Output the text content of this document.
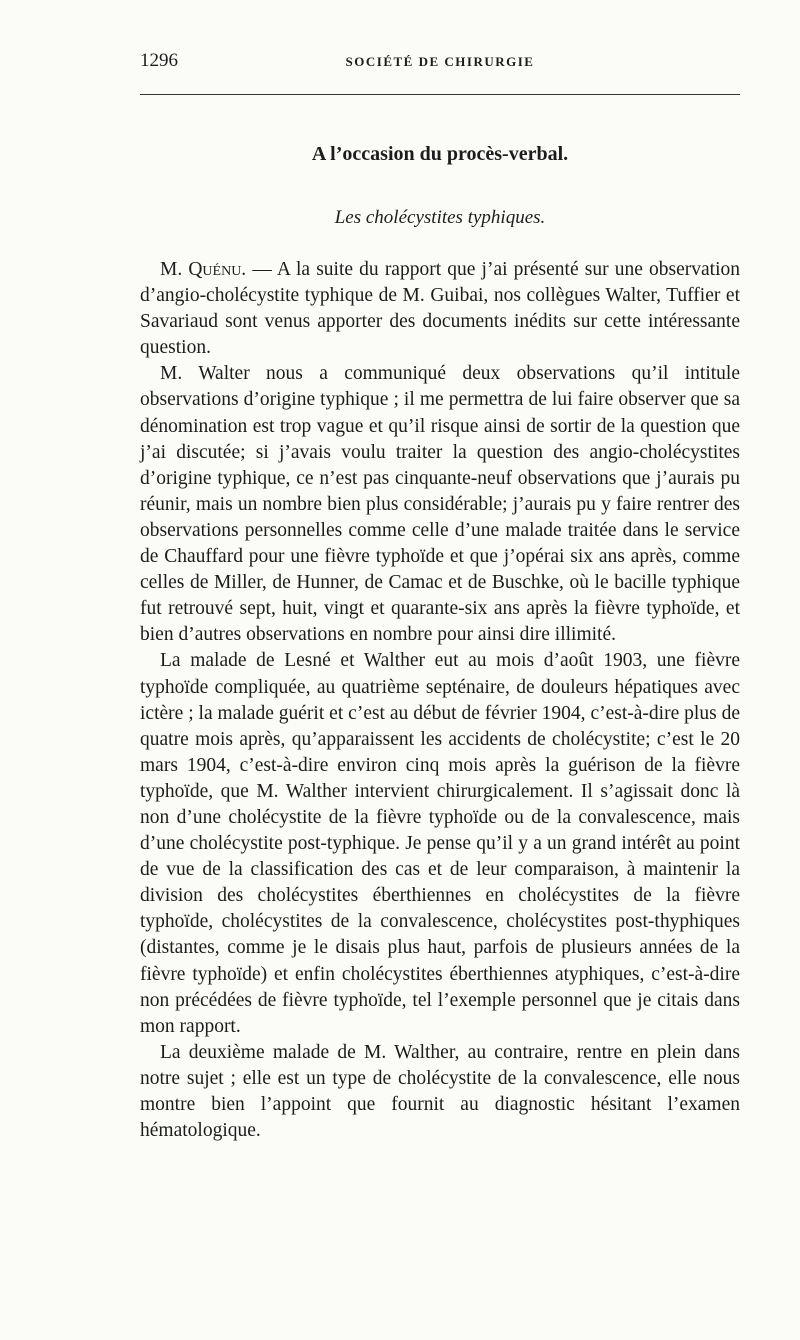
1296	SOCIÉTÉ DE CHIRURGIE
A l’occasion du procès-verbal.
Les cholécystites typhiques.

M. Quénu. — A la suite du rapport que j’ai présenté sur une observation d’angio-cholécystite typhique de M. Guibai, nos collègues Walter, Tuffier et Savariaud sont venus apporter des documents inédits sur cette intéressante question.

M. Walter nous a communiqué deux observations qu’il intitule observations d’origine typhique ; il me permettra de lui faire observer que sa dénomination est trop vague et qu’il risque ainsi de sortir de la question que j’ai discutée; si j’avais voulu traiter la question des angio-cholécystites d’origine typhique, ce n’est pas cinquante-neuf observations que j’aurais pu réunir, mais un nombre bien plus considérable; j’aurais pu y faire rentrer des observations personnelles comme celle d’une malade traitée dans le service de Chauffard pour une fièvre typhoïde et que j’opérai six ans après, comme celles de Miller, de Hunner, de Camac et de Buschke, où le bacille typhique fut retrouvé sept, huit, vingt et quarante-six ans après la fièvre typhoïde, et bien d’autres observations en nombre pour ainsi dire illimité.

La malade de Lesné et Walther eut au mois d’août 1903, une fièvre typhoïde compliquée, au quatrième septénaire, de douleurs hépatiques avec ictère ; la malade guérit et c’est au début de février 1904, c’est-à-dire plus de quatre mois après, qu’apparaissent les accidents de cholécystite; c’est le 20 mars 1904, c’est-à-dire environ cinq mois après la guérison de la fièvre typhoïde, que M. Walther intervient chirurgicalement. Il s’agissait donc là non d’une cholécystite de la fièvre typhoïde ou de la convalescence, mais d’une cholécystite post-typhique. Je pense qu’il y a un grand intérêt au point de vue de la classification des cas et de leur comparaison, à maintenir la division des cholécystites éberthiennes en cholécystites de la fièvre typhoïde, cholécystites de la convalescence, cholécystites post-thyphiques (distantes, comme je le disais plus haut, parfois de plusieurs années de la fièvre typhoïde) et enfin cholécystites éberthiennes atyphiques, c’est-à-dire non précédées de fièvre typhoïde, tel l’exemple personnel que je citais dans mon rapport.

La deuxième malade de M. Walther, au contraire, rentre en plein dans notre sujet ; elle est un type de cholécystite de la convalescence, elle nous montre bien l’appoint que fournit au diagnostic hésitant l’examen hématologique.
